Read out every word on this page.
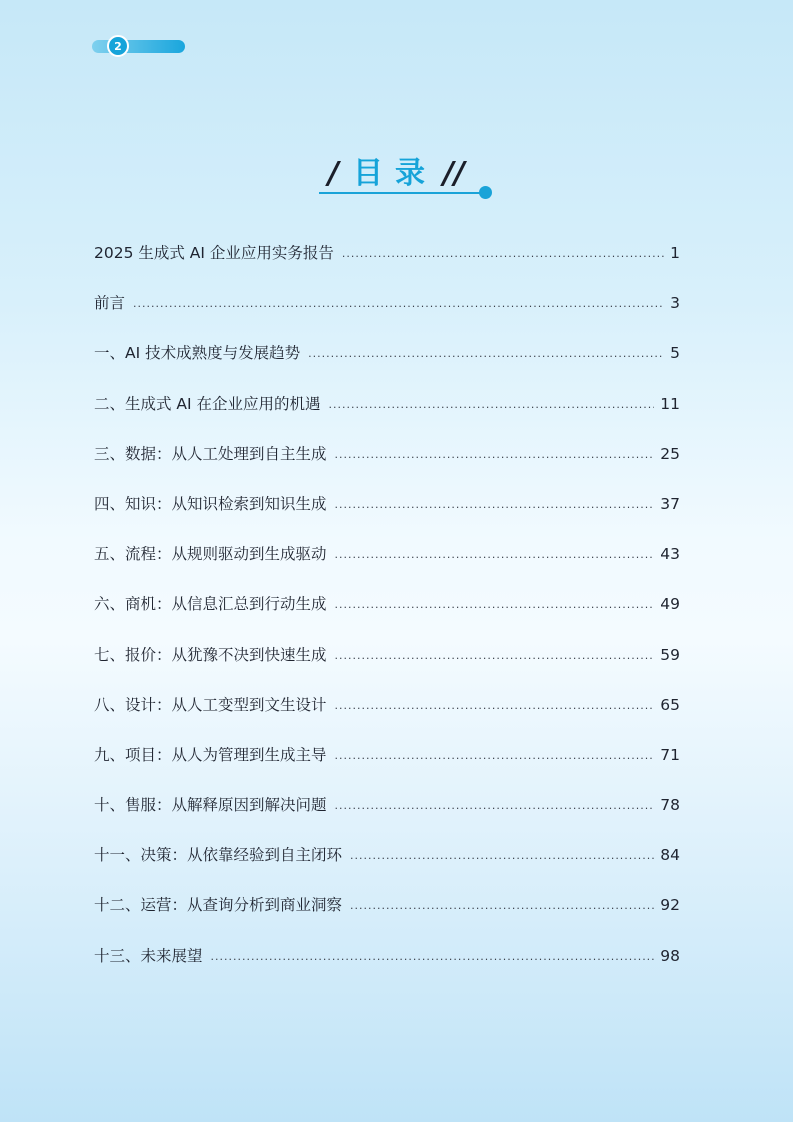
2
/ 目录 //
2025 生成式 AI 企业应用实务报告 .....	1
前言 .....	3
一、AI 技术成熟度与发展趋势 .....	5
二、生成式 AI 在企业应用的机遇 .....	11
三、数据：从人工处理到自主生成 .....	25
四、知识：从知识检索到知识生成 .....	37
五、流程：从规则驱动到生成驱动 .....	43
六、商机：从信息汇总到行动生成 .....	49
七、报价：从犹豫不决到快速生成 .....	59
八、设计：从人工变型到文生设计 .....	65
九、项目：从人为管理到生成主导 .....	71
十、售服：从解释原因到解决问题 .....	78
十一、决策：从依靠经验到自主闭环 .....	84
十二、运营：从查询分析到商业洞察 .....	92
十三、未来展望 .....	98
